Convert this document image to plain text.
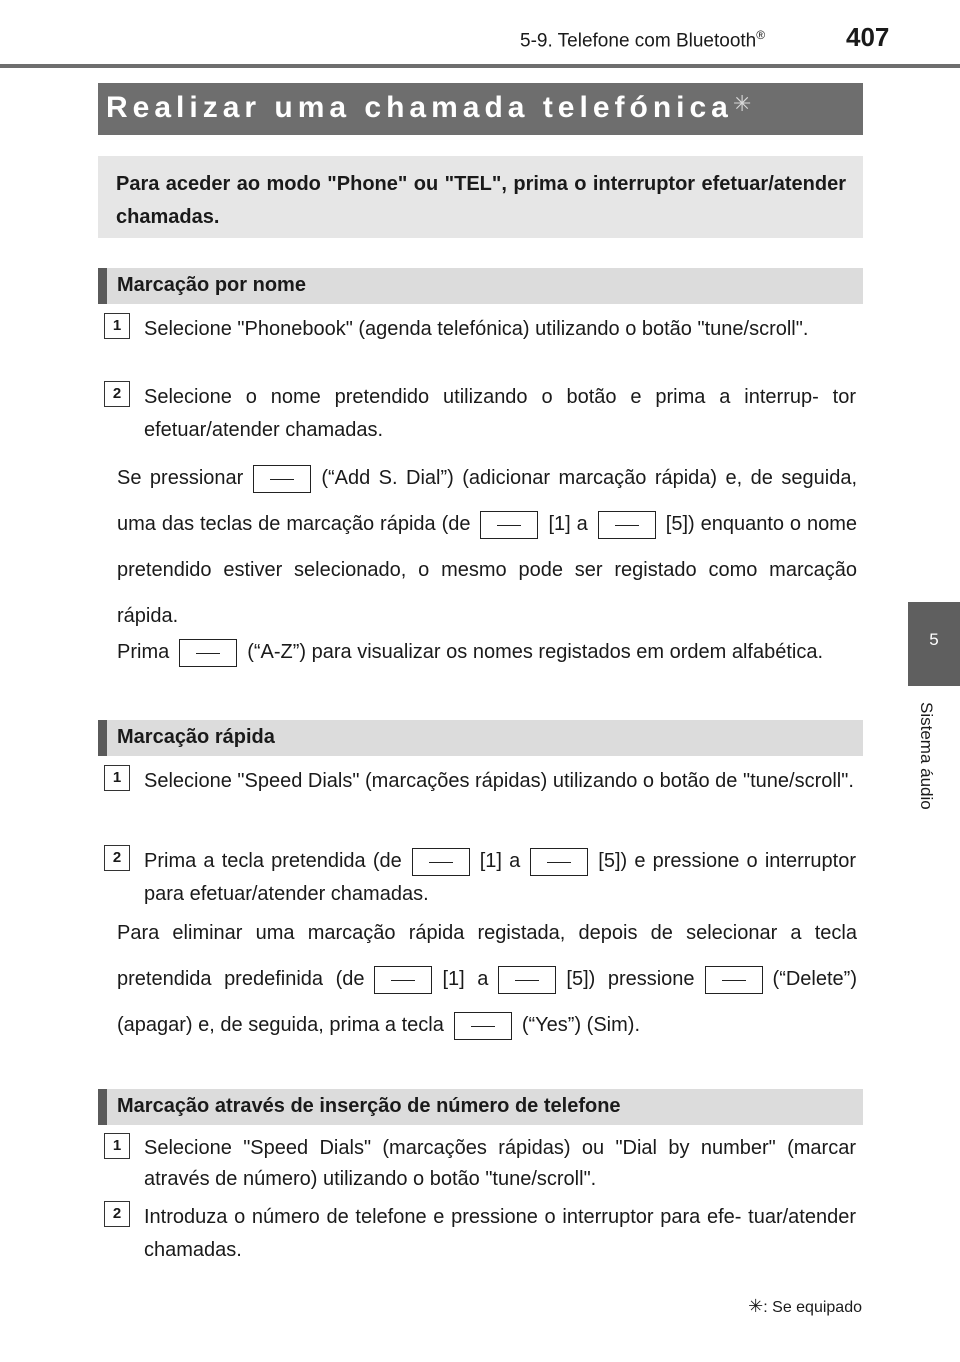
5-9. Telefone com Bluetooth®	407
5
Sistema áudio
Realizar uma chamada telefónica✳
Para aceder ao modo "Phone" ou "TEL", prima o interruptor efetuar/atender chamadas.
Marcação por nome
1	Selecione "Phonebook" (agenda telefónica) utilizando o botão "tune/scroll".
2	Selecione o nome pretendido utilizando o botão e prima a interrup- tor efetuar/atender chamadas.
Se pressionar	(“Add S. Dial”) (adicionar marcação rápida) e, de seguida, uma das teclas de marcação rápida (de	[1] a	[5]) enquanto o nome pretendido estiver selecionado, o mesmo pode ser registado como marcação rápida.
Prima	(“A-Z”) para visualizar os nomes registados em ordem alfabética.
Marcação rápida
1	Selecione "Speed Dials" (marcações rápidas) utilizando o botão de "tune/scroll".
2	Prima a tecla pretendida (de	[1] a	[5]) e pressione o interruptor para efetuar/atender chamadas.
Para eliminar uma marcação rápida registada, depois de selecionar a tecla pretendida predefinida (de	[1] a	[5]) pressione	(“Delete”) (apagar) e, de seguida, prima a tecla	(“Yes”) (Sim).
Marcação através de inserção de número de telefone
1	Selecione "Speed Dials" (marcações rápidas) ou "Dial by number" (marcar através de número) utilizando o botão "tune/scroll".
2	Introduza o número de telefone e pressione o interruptor para efe- tuar/atender chamadas.
✳: Se equipado
